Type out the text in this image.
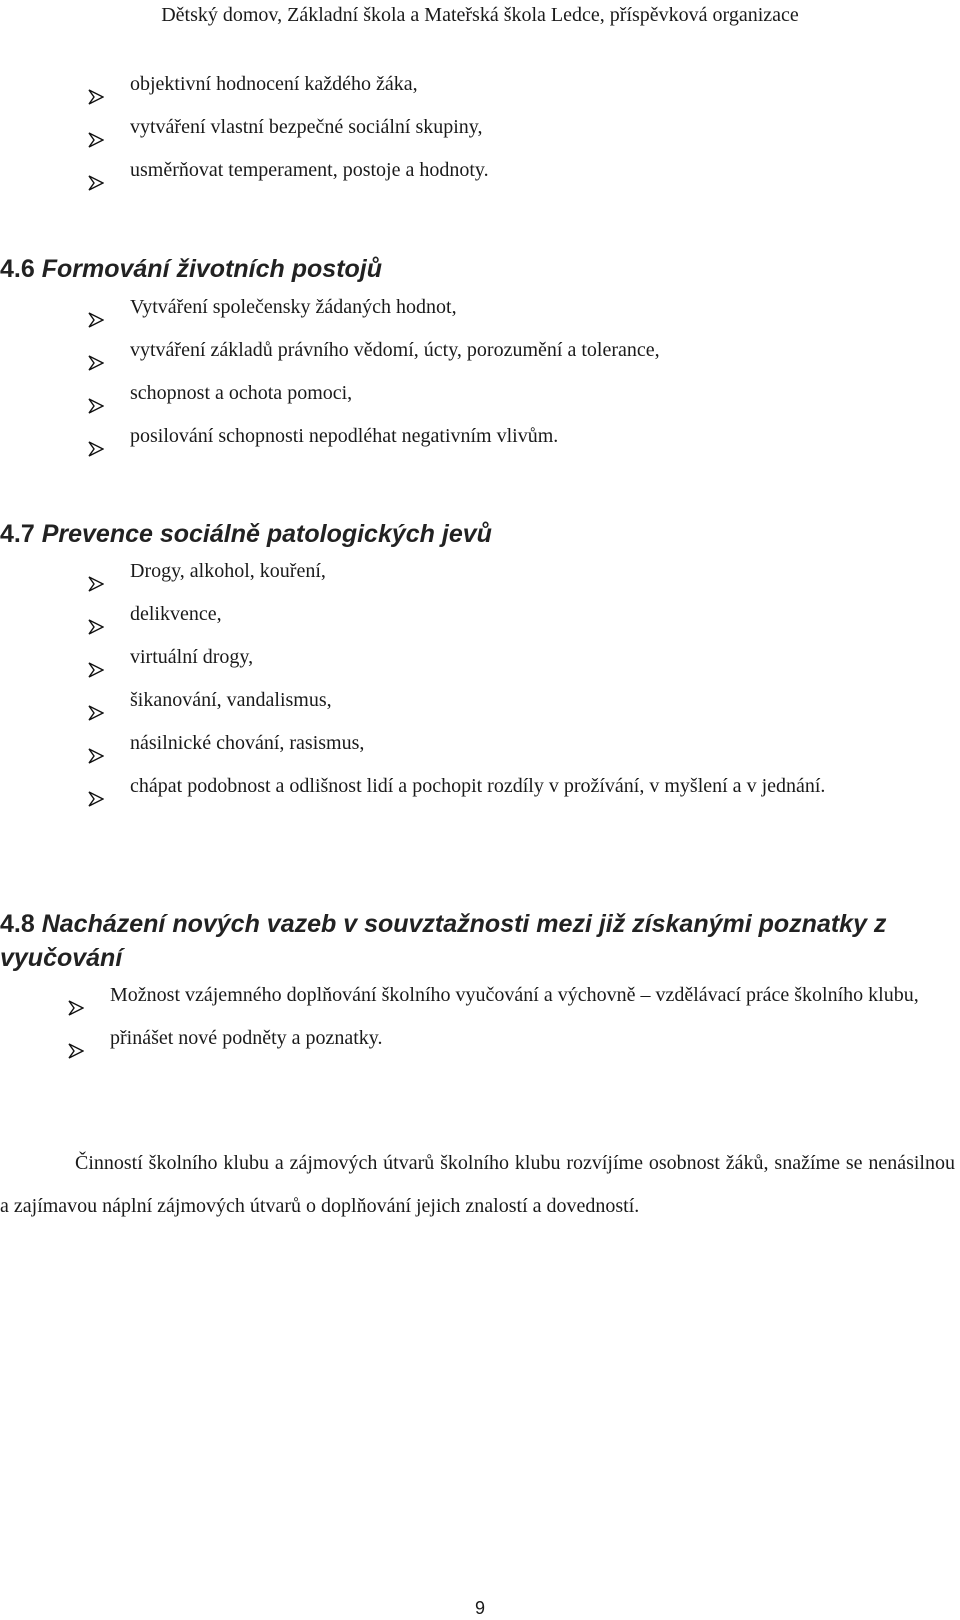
Dětský domov, Základní škola a Mateřská škola Ledce, příspěvková organizace
objektivní hodnocení každého žáka,
vytváření vlastní bezpečné sociální skupiny,
usměrňovat temperament, postoje a hodnoty.
4.6 Formování životních postojů
Vytváření společensky žádaných hodnot,
vytváření základů právního vědomí, úcty, porozumění a tolerance,
schopnost a ochota pomoci,
posilování schopnosti nepodléhat negativním vlivům.
4.7 Prevence sociálně patologických jevů
Drogy, alkohol, kouření,
delikvence,
virtuální drogy,
šikanování, vandalismus,
násilnické chování, rasismus,
chápat podobnost a odlišnost lidí a pochopit rozdíly v prožívání, v myšlení a v jednání.
4.8 Nacházení nových vazeb v souvztažnosti mezi již získanými poznatky z vyučování
Možnost vzájemného doplňování školního vyučování a výchovně – vzdělávací práce školního klubu,
přinášet nové podněty a poznatky.

Činností školního klubu a zájmových útvarů školního klubu rozvíjíme osobnost žáků, snažíme se nenásilnou a zajímavou náplní zájmových útvarů o doplňování jejich znalostí a dovedností.

9
